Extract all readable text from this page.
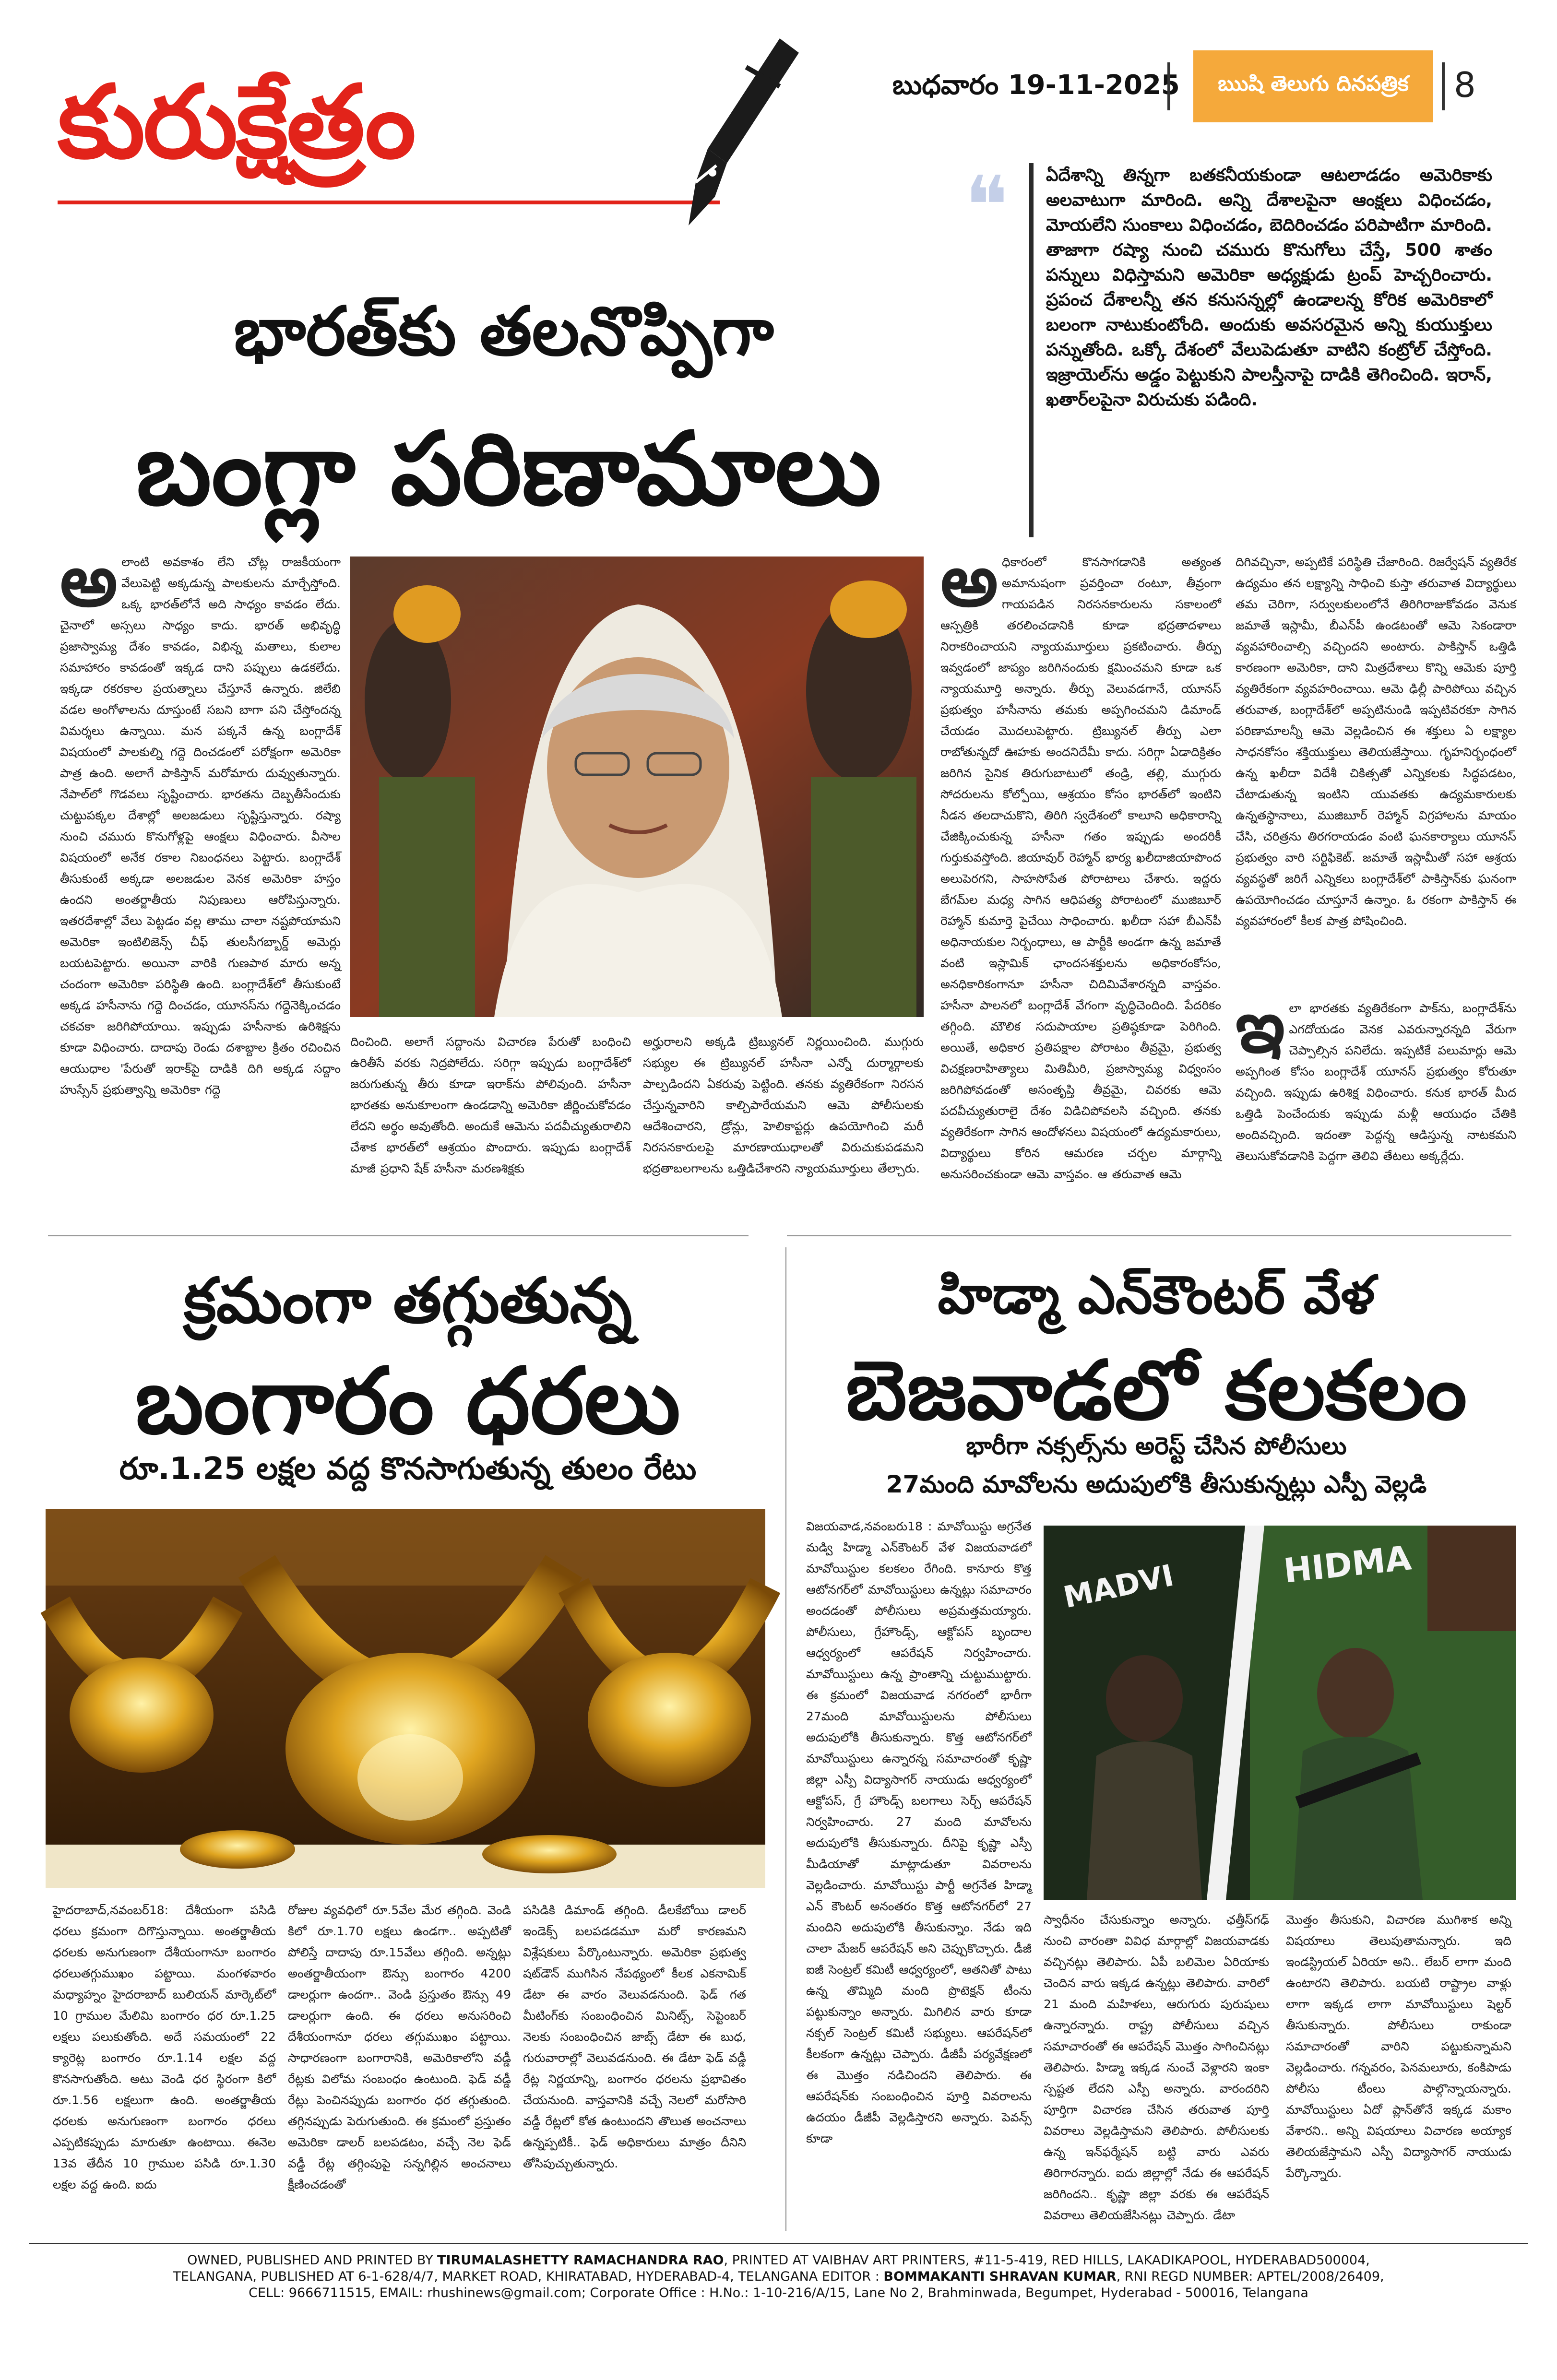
కురుక్షేత్రం	బుధవారం 19-11-2025	ఋషి తెలుగు దినపత్రిక	8
భారత్‌కు తలనొప్పిగా
బంగ్లా పరిణామాలు
❝ ఏదేశాన్ని తిన్నగా బతకనీయకుండా ఆటలాడడం అమెరికాకు అలవాటుగా మారింది. అన్ని దేశాలపైనా ఆంక్షలు విధించడం, మోయలేని సుంకాలు విధించడం, బెదిరించడం పరిపాటిగా మారింది. తాజాగా రష్యా నుంచి చమురు కొనుగోలు చేస్తే, 500 శాతం పన్నులు విధిస్తామని అమెరికా అధ్యక్షుడు ట్రంప్ హెచ్చరించారు. ప్రపంచ దేశాలన్నీ తన కనుసన్నల్లో ఉండాలన్న కోరిక అమెరికాలో బలంగా నాటుకుంటోంది. అందుకు అవసరమైన అన్ని కుయుక్తులు పన్నుతోంది. ఒక్కో దేశంలో వేలుపెడుతూ వాటిని కంట్రోల్ చేస్తోంది. ఇజ్రాయెల్‌ను అడ్డం పెట్టుకుని పాలస్తీనాపై దాడికి తెగించింది. ఇరాన్, ఖతార్‌లపైనా విరుచుకు పడింది.
అలాంటి అవకాశం లేని చోట్ల రాజకీయంగా వేలుపెట్టి అక్కడున్న పాలకులను మార్చేస్తోంది. ఒక్క భారత్‌లోనే అది సాధ్యం కావడం లేదు. చైనాలో అస్సలు సాధ్యం కాదు. భారత్ అభివృద్ధి ప్రజాస్వామ్య దేశం కావడం, విభిన్న మతాలు, కులాల సమాహారం కావడంతో ఇక్కడ దాని పప్పులు ఉడకలేదు. ఇక్కడా రకరకాల ప్రయత్నాలు చేస్తూనే ఉన్నారు. జిలేబి వడల అంగోళాలను దూస్తుంటే సబని బాగా పని చేస్తోందన్న విమర్శలు ఉన్నాయి. మన పక్కనే ఉన్న బంగ్లాదేశ్ విషయంలో పాలకుల్ని గద్దె దించడంలో పరోక్షంగా అమెరికా పాత్ర ఉంది. అలాగే పాకిస్తాన్ మరోమారు దువ్వుతున్నారు. నేపాల్‌లో గొడవలు సృష్టించారు. భారతను దెబ్బతీసేందుకు చుట్టుపక్కల దేశాల్లో అలజడులు సృష్టిస్తున్నారు. రష్యా నుంచి చమురు కొనుగోళ్లపై ఆంక్షలు విధించారు. వీసాల విషయంలో అనేక రకాల నిబంధనలు పెట్టారు. బంగ్లాదేశ్‌ తీసుకుంటే అక్కడా అలజడుల వెనక అమెరికా హస్తం ఉందని అంతర్జాతీయ నిపుణులు ఆరోపిస్తున్నారు. ఇతరదేశాల్లో వేలు పెట్టడం వల్ల తాము చాలా నష్టపోయామని అమెరికా ఇంటిలిజెన్స్ చీఫ్ తులసీగబ్బార్డ్ అమెర్లు బయటపెట్టారు. అయినా వారికి గుణపాఠ మారు అన్న చందంగా అమెరికా పరిస్థితి ఉంది. బంగ్లాదేశ్‌లో తీసుకుంటే అక్కడ హసీనాను గద్దె దించడం, యూనస్‌ను గద్దెనెక్కించడం చకచకా జరిగిపోయాయి. ఇప్పుడు హసీనాకు ఉరిశిక్షను కూడా విధించారు. దాదాపు రెండు దశాబ్దాల క్రితం రచించిన ఆయుధాల 'పేరుతో ఇరాక్‌పై దాడికి దిగి అక్కడ సద్దాం హుస్సేన్ ప్రభుత్వాన్ని అమెరికా గద్దె
దించింది. అలాగే సద్దాంను విచారణ పేరుతో బంధించి ఉరితీసే వరకు నిద్రపోలేదు. సరిగ్గా ఇప్పుడు బంగ్లాదేశ్‌లో జరుగుతున్న తీరు కూడా ఇరాక్‌ను పోలివుంది. హసీనా భారతకు అనుకూలంగా ఉండడాన్ని అమెరికా జీర్ణించుకోవడం లేదని అర్థం అవుతోంది. అందుకే ఆమెను పదవీచ్యుతురాలిని చేశాక భారత్‌లో ఆశ్రయం పొందారు. ఇప్పుడు బంగ్లాదేశ్ మాజీ ప్రధాని షేక్ హసీనా మరణశిక్షకు
అర్హురాలని అక్కడి ట్రిబ్యునల్ నిర్ణయించింది. ముగ్గురు సభ్యుల ఈ ట్రిబ్యునల్ హసీనా ఎన్నో దుర్మార్గాలకు పాల్పడిందని ఏకరువు పెట్టింది. తనకు వ్యతిరేకంగా నిరసన చేస్తున్నవారిని కాల్చిపారేయమని ఆమె పోలీసులకు ఆదేశించారని, డ్రోన్లు, హెలికాప్టర్లు ఉపయోగించి మరీ నిరసనకారులపై మారణాయుధాలతో విరుచుకుపడమని భద్రతాబలగాలను ఒత్తిడిచేశారని న్యాయమూర్తులు తేల్చారు.
అధికారంలో కొనసాగడానికి అత్యంత అమానుషంగా ప్రవర్తించా రంటూ, తీవ్రంగా గాయపడిన నిరసనకారులను సకాలంలో ఆస్పత్రికి తరలించడానికి కూడా భద్రతాదళాలు నిరాకరించాయని న్యాయమూర్తులు ప్రకటించారు. తీర్పు ఇవ్వడంలో జాప్యం జరిగినందుకు క్షమించమని కూడా ఒక న్యాయమూర్తి అన్నారు. తీర్పు వెలువడగానే, యూనస్ ప్రభుత్వం హసీనాను తమకు అప్పగించమని డిమాండ్ చేయడం మొదలుపెట్టారు. ట్రిబ్యునల్ తీర్పు ఎలా రాబోతున్నదో ఊహకు అందనిదేమీ కాదు. సరిగ్గా ఏడాదిక్రితం జరిగిన సైనిక తిరుగుబాటులో తండ్రి, తల్లి, ముగ్గురు సోదరులను కోల్పోయి, ఆశ్రయం కోసం భారత్‌లో ఇంటిని నీడన తలదాచుకొని, తిరిగి స్వదేశంలో కాలూని అధికారాన్ని చేజిక్కించుకున్న హసీనా గతం ఇప్పుడు అందరికీ గుర్తుకువస్తోంది. జియావుర్ రెహ్మాన్ భార్య ఖలీదాజియాపొంద అలుపెరగని, సాహసోపేత పోరాటాలు చేశారు. ఇద్దరు బేగమ్‌ల మధ్య సాగిన ఆధిపత్య పోరాటంలో ముజిబూర్ రెహ్మాన్ కుమార్తె పైచేయి సాధించారు. ఖలీదా సహా బీఎన్‌పీ అధినాయకుల నిర్బంధాలు, ఆ పార్టీకి అండగా ఉన్న జమాతే వంటి ఇస్లామిక్ ఛాందసశక్తులను అధికారంకోసం, అనధికారికంగానూ హసీనా చిదిమివేశారన్నది వాస్తవం. హసీనా పాలనలో బంగ్లాదేశ్ వేగంగా వృద్ధిచెందింది. పేదరికం తగ్గింది. మౌలిక సదుపాయాల ప్రతిష్ఠకూడా పెరిగింది. అయితే, అధికార ప్రతిపక్షాల పోరాటం తీవ్రమై, ప్రభుత్వ విచక్షణరాహిత్యాలు మితిమీరి, ప్రజాస్వామ్య విధ్వంసం జరిగిపోవడంతో అసంతృప్తి తీవ్రమై, చివరకు ఆమె పదవీచ్యుతురాలై దేశం విడిచిపోవలసి వచ్చింది. తనకు వ్యతిరేకంగా సాగిన ఆందోళనలు విషయంలో ఉద్యమకారులు, విద్యార్థులు కోరిన ఆమరణ చర్చల మార్గాన్ని అనుసరించకుండా ఆమె వాస్తవం. ఆ తరువాత ఆమె
దిగివచ్చినా, అప్పటికే పరిస్థితి చేజారింది. రిజర్వేషన్ వ్యతిరేక ఉద్యమం తన లక్ష్యాన్ని సాధించి కుస్తా తరువాత విద్యార్థులు తమ చెరిగా, సర్వులకులంలోనే తిరిగిరాజుకోవడం వెనుక జమాతే ఇస్లామీ, బీఎన్‌పీ ఉండటంతో ఆమె సెకండారా వ్యవహారించాల్సి వచ్చిందని అంటారు. పాకిస్తాన్ ఒత్తిడి కారణంగా అమెరికా, దాని మిత్రదేశాలు కొన్ని ఆమెకు పూర్తి వ్యతిరేకంగా వ్యవహరించాయి. ఆమె ఢిల్లీ పారిపోయి వచ్చిన తరువాత, బంగ్లాదేశ్‌లో అప్పటినుండి ఇప్పటివరకూ సాగిన పరిణామాలన్నీ ఆమె వెల్లడించిన ఈ శక్తులు ఏ లక్ష్యాల సాధనకోసం శక్తియుక్తులు తెలియజేస్తాయి. గృహనిర్బంధంలో ఉన్న ఖలీదా విదేశీ చికిత్సతో ఎన్నికలకు సిద్ధపడటం, చేటాడుతున్న ఇంటిని యువతకు ఉద్యమకారులకు ఉన్నతస్థానాలు, ముజిబూర్ రెహ్మాన్ విగ్రహాలను మాయం చేసి, చరిత్రను తిరగరాయడం వంటి ఘనకార్యాలు యూనస్ ప్రభుత్వం వారి సర్టిఫికెట్. జమాతే ఇస్లామీతో సహా ఆశ్రయ వ్యవస్థతో జరిగే ఎన్నికలు బంగ్లాదేశ్‌లో పాకిస్తాన్‌కు ఘనంగా ఉపయోగించడం చూస్తూనే ఉన్నాం. ఓ రకంగా పాకిస్తాన్ ఈ వ్యవహారంలో కీలక పాత్ర పోషించింది.
ఇలా భారతకు వ్యతిరేకంగా పాక్‌ను, బంగ్లాదేశ్‌ను ఎగదోయడం వెనక ఎవరున్నారన్నది వేరుగా చెప్పాల్సిన పనిలేదు. ఇప్పటికే పలుమార్లు ఆమె అప్పగింత కోసం బంగ్లాదేశ్ యూనస్ ప్రభుత్వం కోరుతూ వచ్చింది. ఇప్పుడు ఉరిశిక్ష విధించారు. కనుక భారత్ మీద ఒత్తిడి పెంచేందుకు ఇప్పుడు మళ్లీ ఆయుధం చేతికి అందివచ్చింది. ఇదంతా పెద్దన్న ఆడిస్తున్న నాటకమని తెలుసుకోవడానికి పెద్దగా తెలివి తేటలు అక్కర్లేదు.
క్రమంగా తగ్గుతున్న
బంగారం ధరలు
రూ.1.25 లక్షల వద్ద కొనసాగుతున్న తులం రేటు
హైదరాబాద్,నవంబర్18: దేశీయంగా పసిడి ధరలు క్రమంగా దిగొస్తున్నాయి. అంతర్జాతీయ ధరలకు అనుగుణంగా దేశీయంగానూ బంగారం ధరలుతగ్గుముఖం పట్టాయి. మంగళవారం మధ్యాహ్నం హైదరాబాద్ బులియన్ మార్కెట్‌లో 10 గ్రాముల మేలిమి బంగారం ధర రూ.1.25 లక్షలు పలుకుతోంది. అదే సమయంలో 22 క్యారెట్ల బంగారం రూ.1.14 లక్షల వద్ద కొనసాగుతోంది. అటు వెండి ధర స్థిరంగా కిలో రూ.1.56 లక్షలుగా ఉంది. అంతర్జాతీయ ధరలకు అనుగుణంగా బంగారం ధరలు ఎప్పటికప్పుడు మారుతూ ఉంటాయి. ఈనెల 13వ తేదీన 10 గ్రాముల పసిడి రూ.1.30 లక్షల వద్ద ఉంది. ఐదు
రోజుల వ్యవధిలో రూ.5వేల మేర తగ్గింది. వెండి కిలో రూ.1.70 లక్షలు ఉండగా.. అప్పటితో పోలిస్తే దాదాపు రూ.15వేలు తగ్గింది. అన్నట్లు అంతర్జాతీయంగా ఔన్సు బంగారం 4200 డాలర్లుగా ఉందగా.. వెండి ప్రస్తుతం ఔన్సు 49 డాలర్లుగా ఉంది. ఈ ధరలు అనుసరించి దేశీయంగానూ ధరలు తగ్గుముఖం పట్టాయి. సాధారణంగా బంగారానికి, అమెరికాలోని వడ్డీ రేట్లకు విలోమ సంబంధం ఉంటుంది. ఫెడ్ వడ్డీ రేట్లు పెంచినప్పుడు బంగారం ధర తగ్గుతుంది. తగ్గినప్పుడు పెరుగుతుంది. ఈ క్రమంలో ప్రస్తుతం అమెరికా డాలర్ బలపడటం, వచ్చే నెల ఫెడ్ వడ్డీ రేట్ల తగ్గింపుపై సన్నగిల్లిన అంచనాలు క్షీణించడంతో
పసిడికి డిమాండ్ తగ్గింది. డీలకేబోయి డాలర్ ఇండెక్స్ బలపడడమూ మరో కారణమని విశ్లేషకులు పేర్కొంటున్నారు. అమెరికా ప్రభుత్వ షట్‌డౌన్ ముగిసిన నేపథ్యంలో కీలక ఎకనామిక్ డేటా ఈ వారం వెలువడనుంది. ఫెడ్ గత మీటింగ్‌కు సంబంధించిన మినిట్స్, సెప్టెంబర్ నెలకు సంబంధించిన జాబ్స్ డేటా ఈ బుధ, గురువారాల్లో వెలువడనుంది. ఈ డేటా ఫెడ్ వడ్డీ రేట్ల నిర్ణయాన్ని, బంగారం ధరలను ప్రభావితం చేయనుంది. వాస్తవానికి వచ్చే నెలలో మరోసారి వడ్డీ రేట్లలో కోత ఉంటుందని తొలుత అంచనాలు ఉన్నప్పటికీ.. ఫెడ్ అధికారులు మాత్రం దీనిని తోసిపుచ్చుతున్నారు.
హిడ్మా ఎన్‌కౌంటర్ వేళ
బెజవాడలో కలకలం
భారీగా నక్సల్స్‌ను అరెస్ట్ చేసిన పోలీసులు
27మంది మావోలను అదుపులోకి తీసుకున్నట్లు ఎస్పీ వెల్లడి
విజయవాడ,నవంబరు18 : మావోయిస్టు అగ్రనేత మడ్వి హిడ్మా ఎన్‌కౌంటర్ వేళ విజయవాడలో మావోయిస్టుల కలకలం రేగింది. కానూరు కొత్త ఆటోనగర్‌లో మావోయిస్టులు ఉన్నట్లు సమాచారం అందడంతో పోలీసులు అప్రమత్తమయ్యారు. పోలీసులు, గ్రేహౌండ్స్, ఆక్టోపస్ బృందాల ఆధ్వర్యంలో ఆపరేషన్ నిర్వహించారు. మావోయిస్టులు ఉన్న ప్రాంతాన్ని చుట్టుముట్టారు. ఈ క్రమంలో విజయవాడ నగరంలో భారీగా 27మంది మావోయిస్టులను పోలీసులు అదుపులోకి తీసుకున్నారు. కొత్త ఆటోనగర్‌లో మావోయిస్టులు ఉన్నారన్న సమాచారంతో కృష్ణా జిల్లా ఎస్పీ విద్యాసాగర్ నాయుడు ఆధ్వర్యంలో ఆక్టోపస్, గ్రే హౌండ్స్ బలగాలు సెర్చ్ ఆపరేషన్ నిర్వహించారు. 27 మంది మావోలను అదుపులోకి తీసుకున్నారు. దీనిపై కృష్ణా ఎస్పీ మీడియాతో మాట్లాడుతూ వివరాలను వెల్లడించారు. మావోయిస్టు పార్టీ అగ్రనేత హిడ్మా ఎన్ కౌంటర్ అనంతరం కొత్త ఆటోనగర్‌లో 27 మందిని అదుపులోకి తీసుకున్నాం. నేడు ఇది చాలా మేజర్ ఆపరేషన్ అని చెప్పుకొచ్చారు. డీజీ ఐజీ సెంట్రల్ కమిటీ ఆధ్వర్యంలో, ఆతనితో పాటు ఉన్న తొమ్మిది మంది ప్రొటెక్షన్ టీంను పట్టుకున్నాం అన్నారు. మిగిలిన వారు కూడా నక్సల్ సెంట్రల్ కమిటీ సభ్యులు. ఆపరేషన్‌లో కీలకంగా ఉన్నట్లు చెప్పారు. డీజీపీ పర్యవేక్షణలో ఈ మొత్తం నడిచిందని తెలిపారు. ఈ ఆపరేషన్‌కు సంబంధించిన పూర్తి వివరాలను ఉదయం డీజీపీ వెల్లడిస్తారని అన్నారు. పెవన్స్ కూడా
MADVI	HIDMA
స్వాధీనం చేసుకున్నాం అన్నారు. ఛత్తీస్‌గఢ్ నుంచి వారంతా వివిధ మార్గాల్లో విజయవాడకు వచ్చినట్లు తెలిపారు. ఏపీ బలిమెల ఏరియాకు చెందిన వారు ఇక్కడ ఉన్నట్లు తెలిపారు. వారిలో 21 మంది మహిళలు, ఆరుగురు పురుషులు ఉన్నారన్నారు. రాష్ట్ర పోలీసులు వచ్చిన సమాచారంతో ఈ ఆపరేషన్ మొత్తం సాగించినట్లు తెలిపారు. హిడ్మా ఇక్కడ నుంచే వెళ్లారని ఇంకా స్పష్టత లేదని ఎస్పీ అన్నారు. వారందరిని పూర్తిగా విచారణ చేసిన తరువాత పూర్తి వివరాలు వెల్లడిస్తామని తెలిపారు. పోలీసులకు ఉన్న ఇన్‌ఫర్మేషన్ బట్టి వారు ఎవరు తిరిగారన్నారు. ఐదు జిల్లాల్లో నేడు ఈ ఆపరేషన్ జరిగిందని.. కృష్ణా జిల్లా వరకు ఈ ఆపరేషన్ వివరాలు తెలియజేసినట్లు చెప్పారు. డేటా
మొత్తం తీసుకుని, విచారణ ముగిశాక అన్ని విషయాలు తెలుపుతామన్నారు. ఇది ఇండస్ట్రియల్ ఏరియా అని.. లేబర్ లాగా మంది ఉంటారని తెలిపారు. బయటి రాష్ట్రాల వాళ్లు లాగా ఇక్కడ లాగా మావోయిస్టులు షెల్టర్ తీసుకున్నారు. పోలీసులు రాకుండా సమాచారంతో వారిని పట్టుకున్నామని వెల్లడించారు. గన్నవరం, పెనమలూరు, కంకిపాడు పోలీసు టీంలు పాల్గొన్నాయన్నారు. మావోయిస్టులు ఏదో ప్లాన్‌తోనే ఇక్కడ మకాం వేశారని.. అన్ని విషయాలు విచారణ అయ్యాక తెలియజేస్తామని ఎస్పీ విద్యాసాగర్ నాయుడు పేర్కొన్నారు.
OWNED, PUBLISHED AND PRINTED BY TIRUMALASHETTY RAMACHANDRA RAO, PRINTED AT VAIBHAV ART PRINTERS, #11-5-419, RED HILLS, LAKADIKAPOOL, HYDERABAD500004,
TELANGANA, PUBLISHED AT 6-1-628/4/7, MARKET ROAD, KHIRATABAD, HYDERABAD-4, TELANGANA EDITOR : BOMMAKANTI SHRAVAN KUMAR, RNI REGD NUMBER: APTEL/2008/26409,
CELL: 9666711515, EMAIL: rhushinews@gmail.com; Corporate Office : H.No.: 1-10-216/A/15, Lane No 2, Brahminwada, Begumpet, Hyderabad - 500016, Telangana
